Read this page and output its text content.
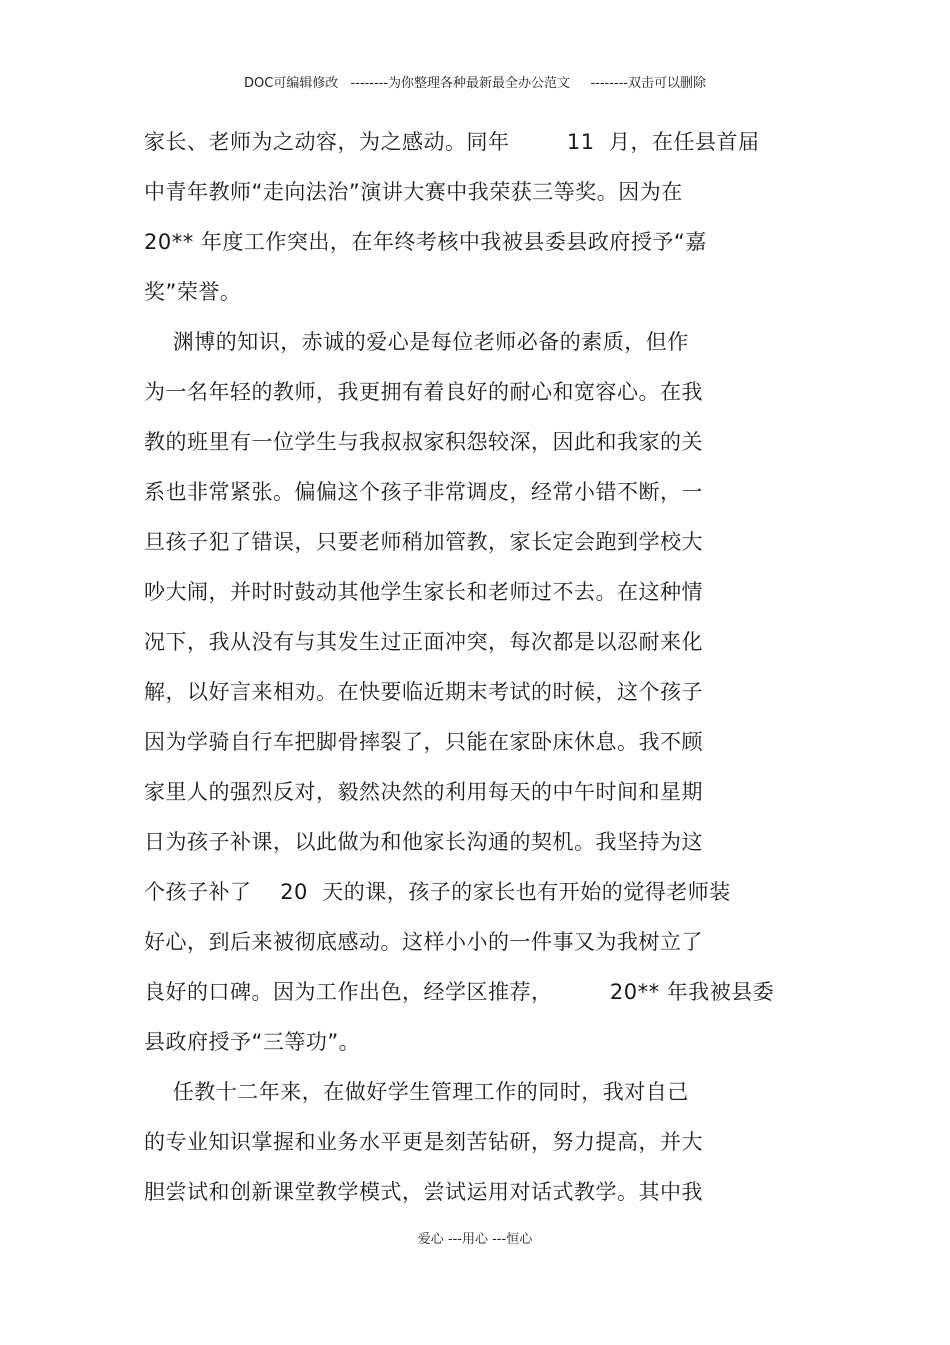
DOC可编辑修改 --------为你整理各种最新最全办公范文 --------双击可以删除
家长、老师为之动容，为之感动。同年        11  月，在任县首届
中青年教师“走向法治”演讲大赛中我荣获三等奖。因为在
20** 年度工作突出，在年终考核中我被县委县政府授予“嘉
奖”荣誉。
渊博的知识，赤诚的爱心是每位老师必备的素质，但作
为一名年轻的教师，我更拥有着良好的耐心和宽容心。在我
教的班里有一位学生与我叔叔家积怨较深，因此和我家的关
系也非常紧张。偏偏这个孩子非常调皮，经常小错不断，一
旦孩子犯了错误，只要老师稍加管教，家长定会跑到学校大
吵大闹，并时时鼓动其他学生家长和老师过不去。在这种情
况下，我从没有与其发生过正面冲突，每次都是以忍耐来化
解，以好言来相劝。在快要临近期末考试的时候，这个孩子
因为学骑自行车把脚骨摔裂了，只能在家卧床休息。我不顾
家里人的强烈反对，毅然决然的利用每天的中午时间和星期
日为孩子补课，以此做为和他家长沟通的契机。我坚持为这
个孩子补了    20  天的课，孩子的家长也有开始的觉得老师装
好心，到后来被彻底感动。这样小小的一件事又为我树立了
良好的口碑。因为工作出色，经学区推荐，        20** 年我被县委
县政府授予“三等功”。
任教十二年来，在做好学生管理工作的同时，我对自己
的专业知识掌握和业务水平更是刻苦钻研，努力提高，并大
胆尝试和创新课堂教学模式，尝试运用对话式教学。其中我
爱心 ---用心 ---恒心
